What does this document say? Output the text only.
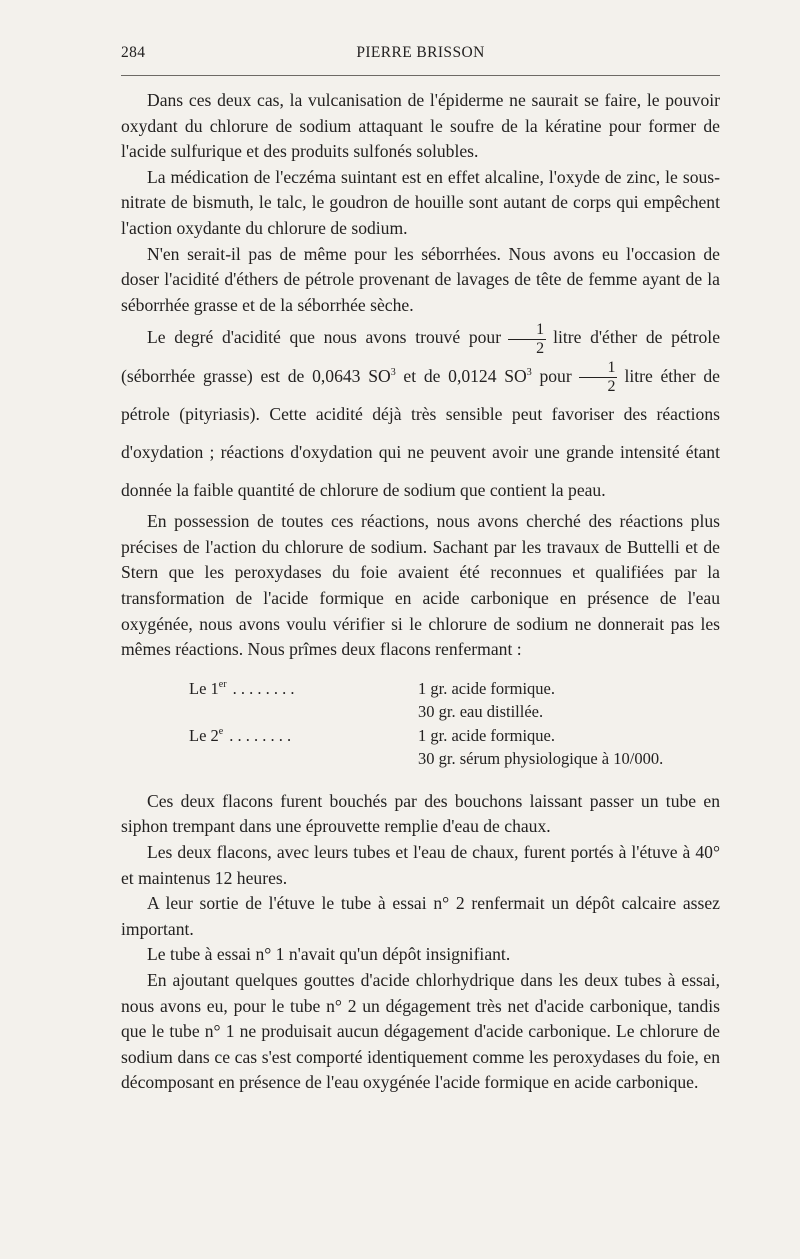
284	PIERRE BRISSON

Dans ces deux cas, la vulcanisation de l'épiderme ne saurait se faire, le pouvoir oxydant du chlorure de sodium attaquant le soufre de la kératine pour former de l'acide sulfurique et des produits sulfonés solubles.

La médication de l'eczéma suintant est en effet alcaline, l'oxyde de zinc, le sous-nitrate de bismuth, le talc, le goudron de houille sont autant de corps qui empêchent l'action oxydante du chlorure de sodium.

N'en serait-il pas de même pour les séborrhées. Nous avons eu l'occasion de doser l'acidité d'éthers de pétrole provenant de lavages de tête de femme ayant de la séborrhée grasse et de la séborrhée sèche.

Le degré d'acidité que nous avons trouvé pour $\frac{1}{2}$ litre d'éther de pétrole (séborrhée grasse) est de 0,0643 $SO^3$ et de 0,0124 $SO^3$ pour $\frac{1}{2}$ litre éther de pétrole (pityriasis). Cette acidité déjà très sensible peut favoriser des réactions d'oxydation ; réactions d'oxydation qui ne peuvent avoir une grande intensité étant donnée la faible quantité de chlorure de sodium que contient la peau.

En possession de toutes ces réactions, nous avons cherché des réactions plus précises de l'action du chlorure de sodium. Sachant par les travaux de Buttelli et de Stern que les peroxydases du foie avaient été reconnues et qualifiées par la transformation de l'acide formique en acide carbonique en présence de l'eau oxygénée, nous avons voulu vérifier si le chlorure de sodium ne donnerait pas les mêmes réactions. Nous prîmes deux flacons renfermant :

Le 1er . . . . . . . .	1 gr. acide formique.
30 gr. eau distillée.
Le 2e . . . . . . . .	1 gr. acide formique.
30 gr. sérum physiologique à 10/000.

Ces deux flacons furent bouchés par des bouchons laissant passer un tube en siphon trempant dans une éprouvette remplie d'eau de chaux.

Les deux flacons, avec leurs tubes et l'eau de chaux, furent portés à l'étuve à 40° et maintenus 12 heures.

A leur sortie de l'étuve le tube à essai n° 2 renfermait un dépôt calcaire assez important.

Le tube à essai n° 1 n'avait qu'un dépôt insignifiant.

En ajoutant quelques gouttes d'acide chlorhydrique dans les deux tubes à essai, nous avons eu, pour le tube n° 2 un dégagement très net d'acide carbonique, tandis que le tube n° 1 ne produisait aucun dégagement d'acide carbonique. Le chlorure de sodium dans ce cas s'est comporté identiquement comme les peroxydases du foie, en décomposant en présence de l'eau oxygénée l'acide formique en acide carbonique.
